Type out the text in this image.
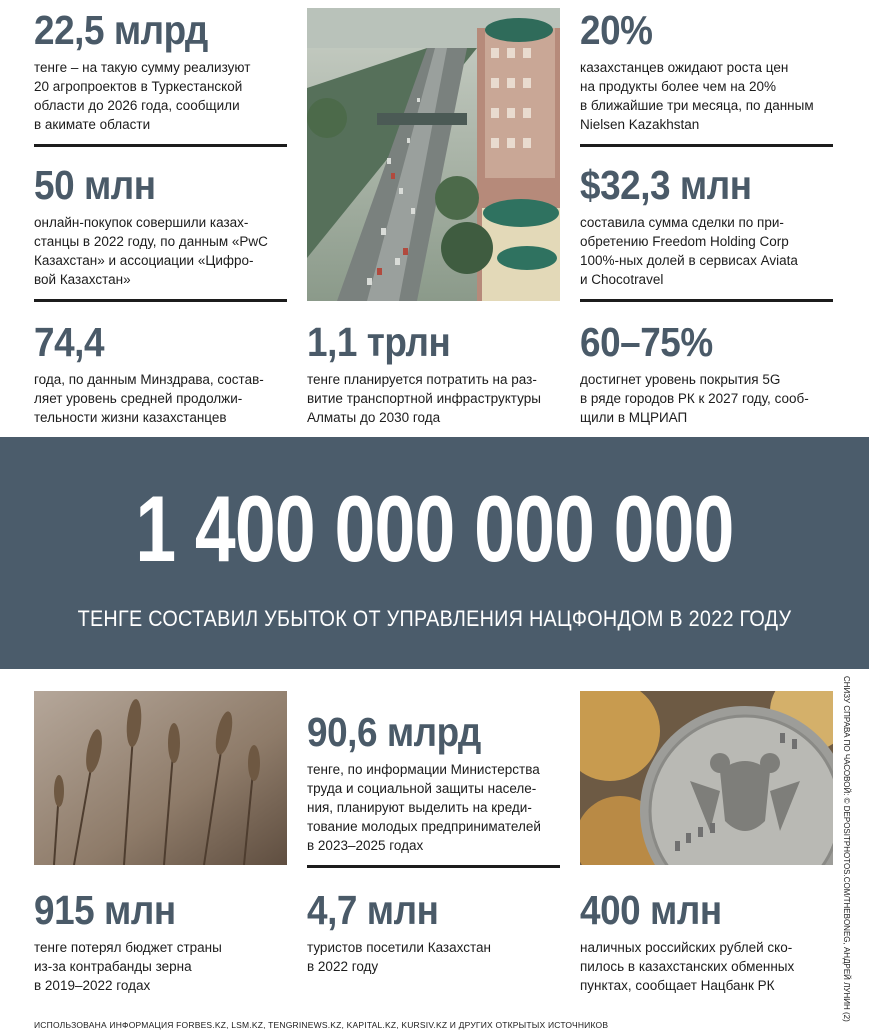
22,5 млрд
тенге – на такую сумму реализуют
20 агропроектов в Туркестанской
области до 2026 года, сообщили
в акимате области
50 млн
онлайн-покупок совершили казах-
станцы в 2022 году, по данным «PwC
Казахстан» и ассоциации «Цифро-
вой Казахстан»
74,4
года, по данным Минздрава, состав-
ляет уровень средней продолжи-
тельности жизни казахстанцев
1,1 трлн
тенге планируется потратить на раз-
витие транспортной инфраструктуры
Алматы до 2030 года
20%
казахстанцев ожидают роста цен
на продукты более чем на 20%
в ближайшие три месяца, по данным
Nielsen Kazakhstan
$32,3 млн
составила сумма сделки по при-
обретению Freedom Holding Corp
100%-ных долей в сервисах Aviata
и Chocotravel
60–75%
достигнет уровень покрытия 5G
в ряде городов РК к 2027 году, сооб-
щили в МЦРИАП
1 400 000 000 000
ТЕНГЕ СОСТАВИЛ УБЫТОК ОТ УПРАВЛЕНИЯ НАЦФОНДОМ В 2022 ГОДУ
915 млн
тенге потерял бюджет страны
из-за контрабанды зерна
в 2019–2022 годах
90,6 млрд
тенге, по информации Министерства
труда и социальной защиты населе-
ния, планируют выделить на креди-
тование молодых предпринимателей
в 2023–2025 годах
4,7 млн
туристов посетили Казахстан
в 2022 году
400 млн
наличных российских рублей ско-
пилось в казахстанских обменных
пунктах, сообщает Нацбанк РК	СНИЗУ СПРАВА ПО ЧАСОВОЙ: © DEPOSITPHOTOS.COM/THEBONEG, АНДРЕЙ ЛУНИН (2)
ИСПОЛЬЗОВАНА ИНФОРМАЦИЯ FORBES.KZ, LSM.KZ, TENGRINEWS.KZ, KAPITAL.KZ, KURSIV.KZ И ДРУГИХ ОТКРЫТЫХ ИСТОЧНИКОВ
